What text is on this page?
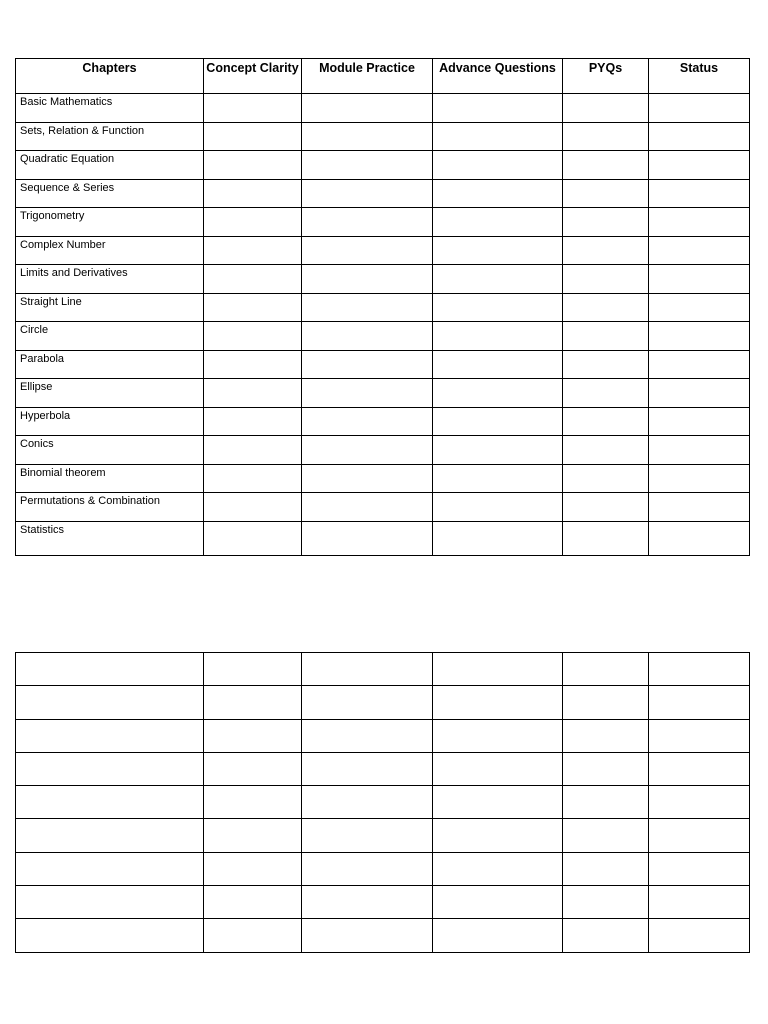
Chapters	Concept Clarity	Module Practice	Advance Questions	PYQs	Status
Basic Mathematics					
Sets, Relation & Function					
Quadratic Equation					
Sequence & Series					
Trigonometry					
Complex Number					
Limits and Derivatives					
Straight Line					
Circle					
Parabola					
Ellipse					
Hyperbola					
Conics					
Binomial theorem					
Permutations & Combination					
Statistics					
